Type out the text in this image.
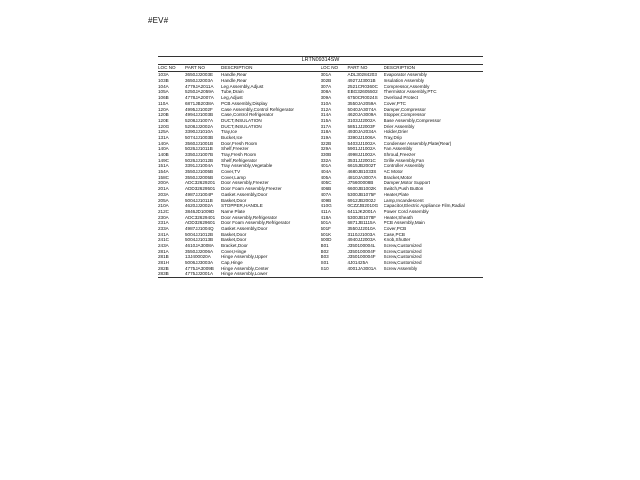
#EV#
LRTN09314SW
LOC NO	PART NO	DESCRIPTION
103A	3650JJ2003E	Handle,Rear
103B	3650JJ2003A	Handle,Rear
104A	4779JA2011A	Leg Assembly,Adjust
105A	5250JA2059A	Tube,Drain
106B	4778JA2007A	Leg,Adjust
110A	6871JB2038A	PCB Assembly,Display
120A	4995JJ1002F	Case Assembly,Control Refrigerator
120B	4994JJ1003B	Case,Control Refrigerator
120E	5208JJ1007A	DUCT,INSULATION
120G	5208JJ2002A	DUCT,INSULATION
125A	3390JJ1010A	Tray,Ice
131A	5074JJ1003B	Bucket,Ice
140A	3560JJ1001B	Door,Fresh Room
140A	5026JJ1011B	Shelf,Freezer
140B	3350JJ1007B	Tray,Fresh Room
149C	5026JJ1012B	Shelf,Refrigerator
151A	3391JJ1004A	Tray Assembly,Vegetable
154A	3550JJ1005B	Cover,TV
158C	3550JJ2005B	Cover,Lamp
200A	ADC32629201	Door Assembly,Freezer
201A	ADD32629501	Door Foam Assembly,Freezer
203A	4987JJ1004P	Gasket Assembly,Door
205A	5004JJ1011B	Basket,Door
210A	4620JJ2002A	STOPPER,HANDLE
212C	3846JD1009D	Name Plate
230A	ADC32629401	Door Assembly,Refrigerator
231A	ADD32629601	Door Foam Assembly,Refrigerator
233A	4987JJ1004Q	Gasket Assembly,Door
241A	5004JJ1012B	Basket,Door
241C	5004JJ1013B	Basket,Door
243A	4610JA3008A	Bracket,Door
281A	3550JJ2006A	Cover,Hinge
281B	13J400020A	Hinge Assembly,Upper
281H	5006JJ3003A	Cap,Hinge
282B	4775JA3009B	Hinge Assembly,Center
283B	4775JJ2001A	Hinge Assembly,Lower
LOC NO	PART NO	DESCRIPTION
301A	ADL30284203	Evaporator Assembly
302B	4927JJ3001B	Insulation Assembly
307A	2521CR0360C	Compressor,Assembly
308A	EBG32605502	Thermistor Assembly,PTC
309A	6750CR0024S	Overload Protect
310A	3550JA2059A	Cover,PTC
312A	5040JA3074A	Damper,Compressor
314A	4620JA3009A	Stopper,Compressor
315A	3103JJ2002A	Base Assembly,Compressor
317A	5851JJ2003F	Drier Assembly
318A	4930JA2034A	Holder,Drier
319A	3390JJ1006A	Tray,Drip
322B	5403JJ1002A	Condenser Assembly,Plate(Rear)
329A	5901JJ1002A	Fan Assembly
330B	4998JJ1002A	Shroud,Freezer
332A	3531JJ2001C	Grille Assembly,Fan
401A	6615JB2002T	Controller Assembly
404A	4680JB1033S	AC Motor
405A	4810JA3007A	Bracket,Motor
405C	J75600008B	Damper,Motor Support
406B	6600JB1002K	Switch,Push Button
407A	5300JB1075F	Heater,Plate
409B	6912JB2002J	Lamp,Incandescent
410G	0CZZJB2010G	Capacitor,Electric Appliance Film,Radial
411A	6411JK2001A	Power Cord Assembly
418A	5300JB1078F	Heater,Sheath
501A	6871JB1115A	PCB Assembly,Main
501F	3550JJ2010A	Cover,PCB
501K	3110JJ1003A	Case,PCB
600D	4940JJ2003A	Knob,Shutter
B01	J350100004L	Screw,Customized
B02	J350100004F	Screw,Customized
B03	J350100004F	Screw,Customized
S01	4J01425A	Screw,Customized
S10	4001JA3001A	Screw Assembly
